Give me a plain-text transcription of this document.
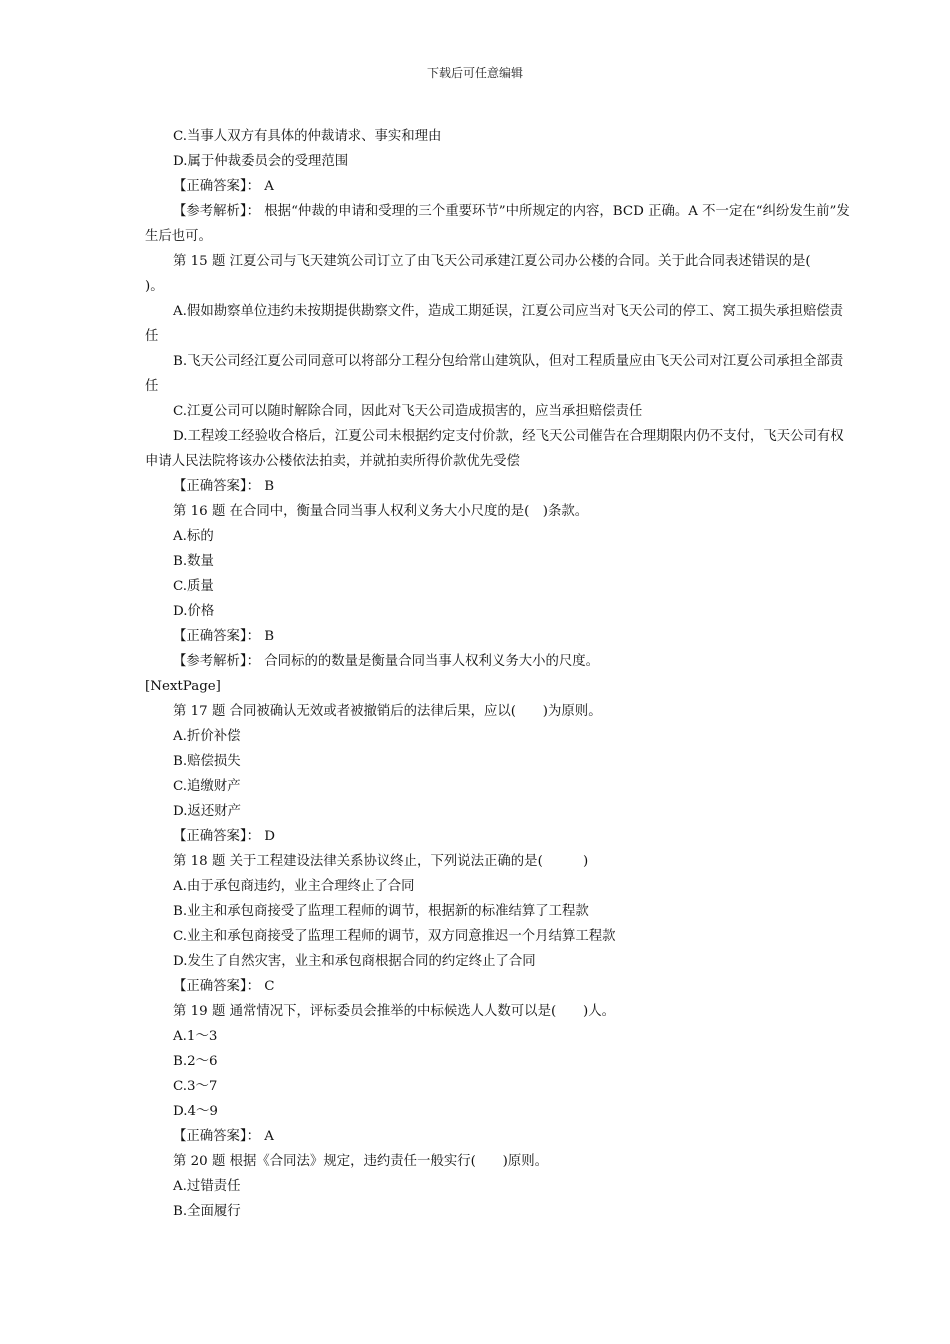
下载后可任意编辑

C.当事人双方有具体的仲裁请求、事实和理由

D.属于仲裁委员会的受理范围

【正确答案】： A

【参考解析】： 根据“仲裁的申请和受理的三个重要环节”中所规定的内容，BCD 正确。A 不一定在“纠纷发生前”发生后也可。

第 15 题 江夏公司与飞天建筑公司订立了由飞天公司承建江夏公司办公楼的合同。关于此合同表述错误的是(　　)。

A.假如勘察单位违约未按期提供勘察文件，造成工期延误，江夏公司应当对飞天公司的停工、窝工损失承担赔偿责任

B.飞天公司经江夏公司同意可以将部分工程分包给常山建筑队，但对工程质量应由飞天公司对江夏公司承担全部责任

C.江夏公司可以随时解除合同，因此对飞天公司造成损害的，应当承担赔偿责任

D.工程竣工经验收合格后，江夏公司未根据约定支付价款，经飞天公司催告在合理期限内仍不支付，飞天公司有权申请人民法院将该办公楼依法拍卖，并就拍卖所得价款优先受偿

【正确答案】： B

第 16 题 在合同中，衡量合同当事人权利义务大小尺度的是(　)条款。

A.标的

B.数量

C.质量

D.价格

【正确答案】： B

【参考解析】： 合同标的的数量是衡量合同当事人权利义务大小的尺度。

[NextPage]

第 17 题 合同被确认无效或者被撤销后的法律后果，应以(　　)为原则。

A.折价补偿

B.赔偿损失

C.追缴财产

D.返还财产

【正确答案】： D

第 18 题 关于工程建设法律关系协议终止，下列说法正确的是(　　　)

A.由于承包商违约，业主合理终止了合同

B.业主和承包商接受了监理工程师的调节，根据新的标准结算了工程款

C.业主和承包商接受了监理工程师的调节，双方同意推迟一个月结算工程款

D.发生了自然灾害，业主和承包商根据合同的约定终止了合同

【正确答案】： C

第 19 题 通常情况下，评标委员会推举的中标候选人人数可以是(　　)人。

A.1～3

B.2～6

C.3～7

D.4～9

【正确答案】： A

第 20 题 根据《合同法》规定，违约责任一般实行(　　)原则。

A.过错责任

B.全面履行
